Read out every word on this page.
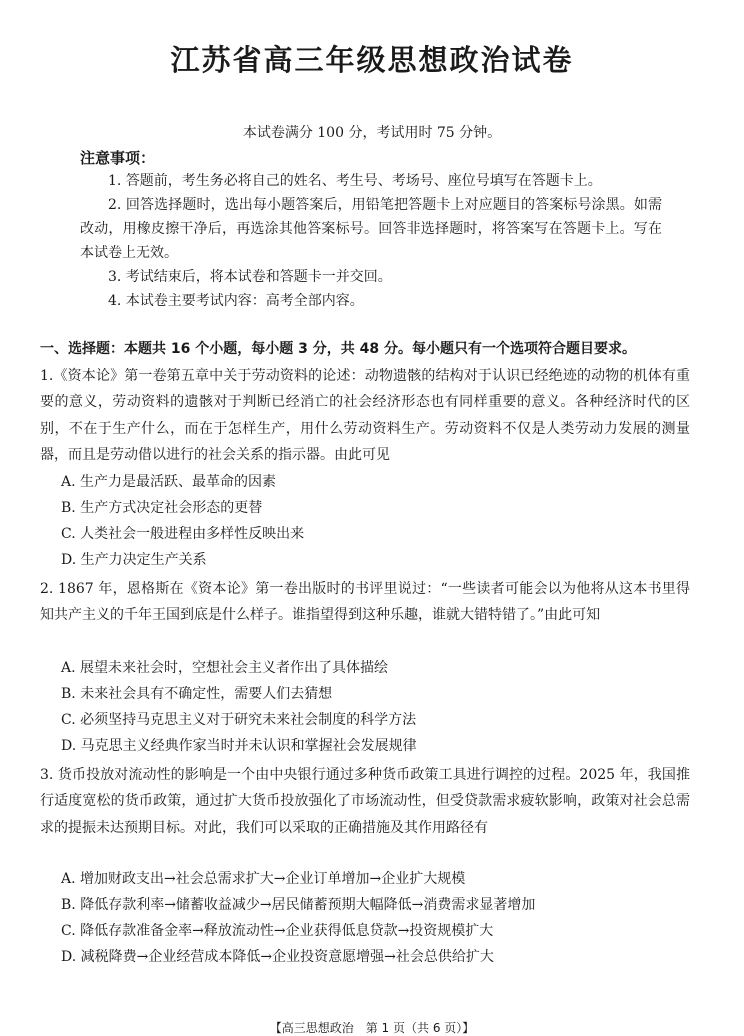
江苏省高三年级思想政治试卷
本试卷满分 100 分，考试用时 75 分钟。
注意事项：
1. 答题前，考生务必将自己的姓名、考生号、考场号、座位号填写在答题卡上。
2. 回答选择题时，选出每小题答案后，用铅笔把答题卡上对应题目的答案标号涂黑。如需改动，用橡皮擦干净后，再选涂其他答案标号。回答非选择题时，将答案写在答题卡上。写在本试卷上无效。
3. 考试结束后，将本试卷和答题卡一并交回。
4. 本试卷主要考试内容：高考全部内容。
一、选择题：本题共 16 个小题，每小题 3 分，共 48 分。每小题只有一个选项符合题目要求。
1.《资本论》第一卷第五章中关于劳动资料的论述：动物遗骸的结构对于认识已经绝迹的动物的机体有重要的意义，劳动资料的遗骸对于判断已经消亡的社会经济形态也有同样重要的意义。各种经济时代的区别，不在于生产什么，而在于怎样生产，用什么劳动资料生产。劳动资料不仅是人类劳动力发展的测量器，而且是劳动借以进行的社会关系的指示器。由此可见
A. 生产力是最活跃、最革命的因素
B. 生产方式决定社会形态的更替
C. 人类社会一般进程由多样性反映出来
D. 生产力决定生产关系
2. 1867 年，恩格斯在《资本论》第一卷出版时的书评里说过：“一些读者可能会以为他将从这本书里得知共产主义的千年王国到底是什么样子。谁指望得到这种乐趣，谁就大错特错了。”由此可知
A. 展望未来社会时，空想社会主义者作出了具体描绘
B. 未来社会具有不确定性，需要人们去猜想
C. 必须坚持马克思主义对于研究未来社会制度的科学方法
D. 马克思主义经典作家当时并未认识和掌握社会发展规律
3. 货币投放对流动性的影响是一个由中央银行通过多种货币政策工具进行调控的过程。2025 年，我国推行适度宽松的货币政策，通过扩大货币投放强化了市场流动性，但受贷款需求疲软影响，政策对社会总需求的提振未达预期目标。对此，我们可以采取的正确措施及其作用路径有
A. 增加财政支出→社会总需求扩大→企业订单增加→企业扩大规模
B. 降低存款利率→储蓄收益减少→居民储蓄预期大幅降低→消费需求显著增加
C. 降低存款准备金率→释放流动性→企业获得低息贷款→投资规模扩大
D. 减税降费→企业经营成本降低→企业投资意愿增强→社会总供给扩大
【高三思想政治　第 1 页（共 6 页）】
